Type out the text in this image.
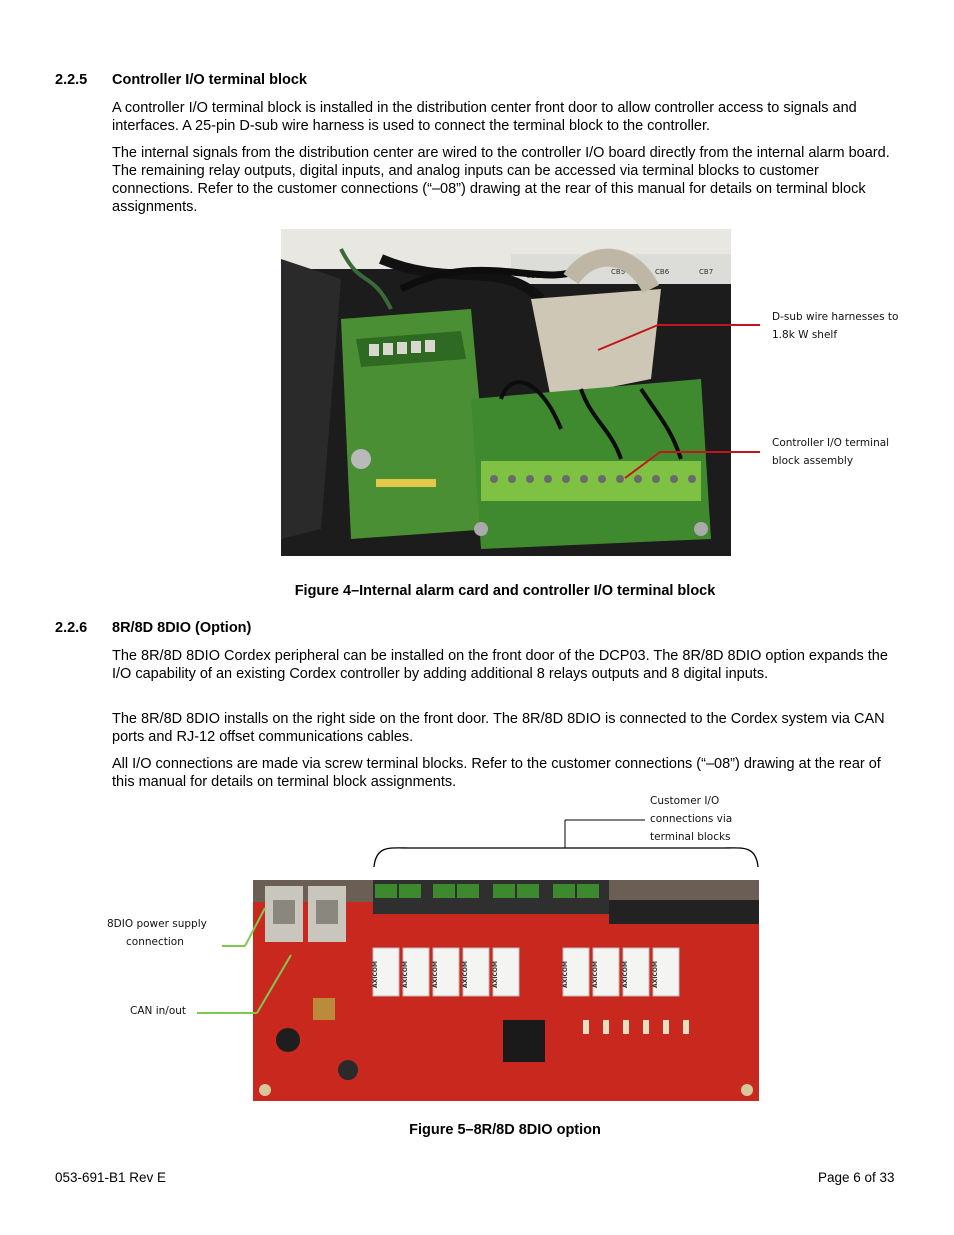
2.2.5 Controller I/O terminal block
A controller I/O terminal block is installed in the distribution center front door to allow controller access to signals and interfaces. A 25-pin D-sub wire harness is used to connect the terminal block to the controller.
The internal signals from the distribution center are wired to the controller I/O board directly from the internal alarm board. The remaining relay outputs, digital inputs, and analog inputs can be accessed via terminal blocks to customer connections. Refer to the customer connections (“–08”) drawing at the rear of this manual for details on terminal block assignments.
CB3	CB4	CB5	CB6	CB7
D-sub wire harnesses to
1.8k W shelf
Controller I/O terminal
block assembly
Figure 4–Internal alarm card and controller I/O terminal block
2.2.6 8R/8D 8DIO (Option)
The 8R/8D 8DIO Cordex peripheral can be installed on the front door of the DCP03. The 8R/8D 8DIO option expands the I/O capability of an existing Cordex controller by adding additional 8 relays outputs and 8 digital inputs.
The 8R/8D 8DIO installs on the right side on the front door. The 8R/8D 8DIO is connected to the Cordex system via CAN ports and RJ-12 offset communications cables.
All I/O connections are made via screw terminal blocks. Refer to the customer connections (“–08”) drawing at the rear of this manual for details on terminal block assignments.
Customer I/O
connections via
terminal blocks
AXICOM	AXICOM	AXICOM	AXICOM	AXICOM	AXICOM	AXICOM	AXICOM	AXICOM
8DIO power supply
connection
CAN in/out
Figure 5–8R/8D 8DIO option
053-691-B1 Rev E	Page 6 of 33
